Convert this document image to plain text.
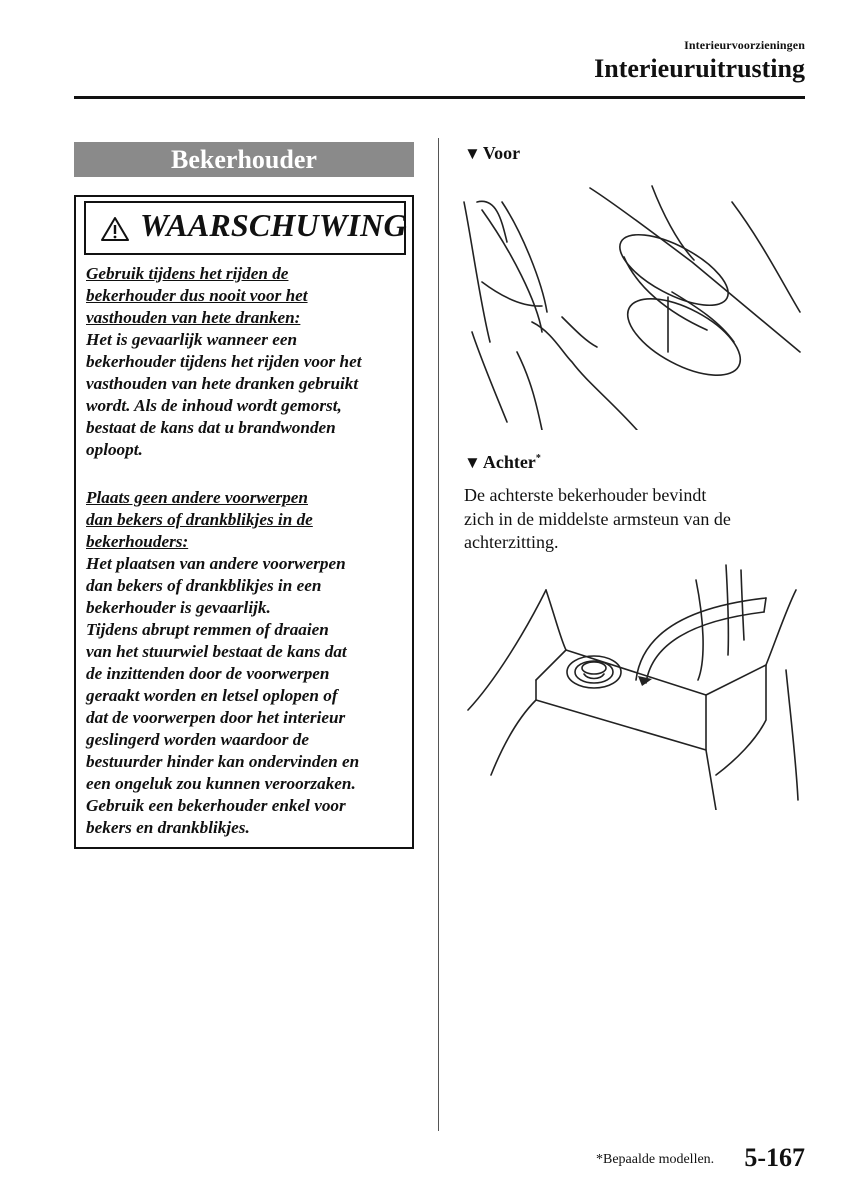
Interieurvoorzieningen
Interieuruitrusting
Bekerhouder
WAARSCHUWING
Gebruik tijdens het rijden de
bekerhouder dus nooit voor het
vasthouden van hete dranken:
Het is gevaarlijk wanneer een
bekerhouder tijdens het rijden voor het
vasthouden van hete dranken gebruikt
wordt. Als de inhoud wordt gemorst,
bestaat de kans dat u brandwonden
oploopt.
Plaats geen andere voorwerpen
dan bekers of drankblikjes in de
bekerhouders:
Het plaatsen van andere voorwerpen
dan bekers of drankblikjes in een
bekerhouder is gevaarlijk.
Tijdens abrupt remmen of draaien
van het stuurwiel bestaat de kans dat
de inzittenden door de voorwerpen
geraakt worden en letsel oplopen of
dat de voorwerpen door het interieur
geslingerd worden waardoor de
bestuurder hinder kan ondervinden en
een ongeluk zou kunnen veroorzaken.
Gebruik een bekerhouder enkel voor
bekers en drankblikjes.
▼ Voor
▼ Achter*
De achterste bekerhouder bevindt
zich in de middelste armsteun van de
achterzitting.
*Bepaalde modellen. 5-167
